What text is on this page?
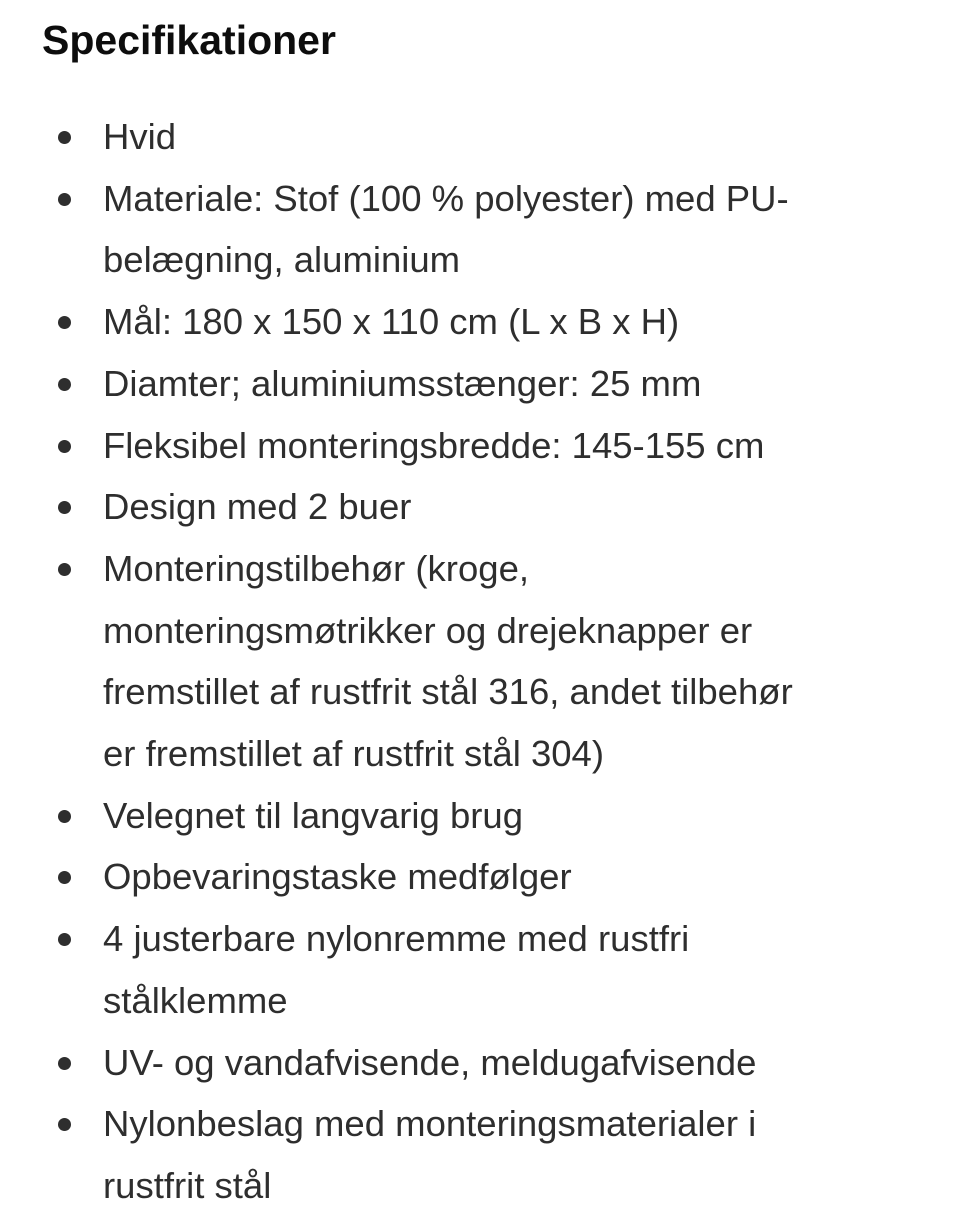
Specifikationer
Hvid
Materiale: Stof (100 % polyester) med PU-
belægning, aluminium
Mål: 180 x 150 x 110 cm (L x B x H)
Diamter; aluminiumsstænger: 25 mm
Fleksibel monteringsbredde: 145-155 cm
Design med 2 buer
Monteringstilbehør (kroge,
monteringsmøtrikker og drejeknapper er
fremstillet af rustfrit stål 316, andet tilbehør
er fremstillet af rustfrit stål 304)
Velegnet til langvarig brug
Opbevaringstaske medfølger
4 justerbare nylonremme med rustfri
stålklemme
UV- og vandafvisende, meldugafvisende
Nylonbeslag med monteringsmaterialer i
rustfrit stål
